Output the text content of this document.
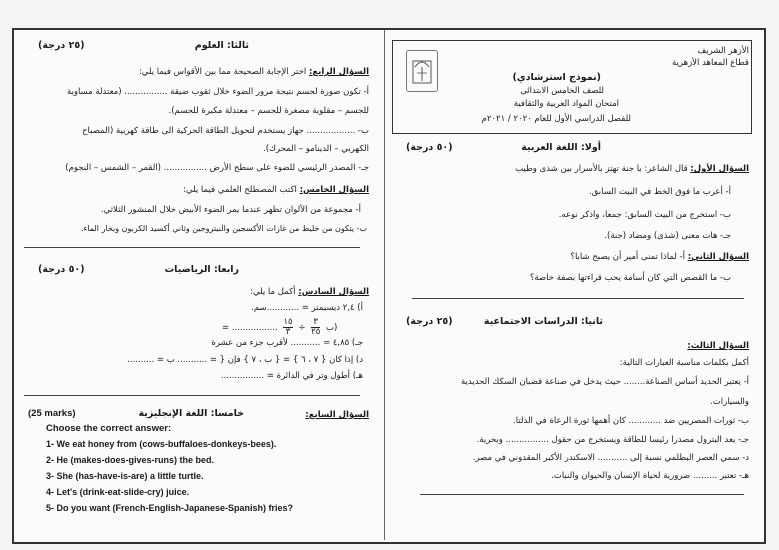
الأزهر الشريف
قطاع المعاهد الأزهرية
(نموذج استرشادي)
للصف الخامس الابتدائى
امتحان المواد العربية والثقافية
للفصل الدراسي الأول للعام ٢٠٢٠ / ٢٠٢١م
أولا: اللغة العربية
(٥٠ درجة)
السؤال الأول: قال الشاعر: يا جنة تهتز بالأسرار بين شذى وطيب
أ- أعرب ما فوق الخط في البيت السابق.
ب- استخرج من البيت السابق: جمعا، واذكر نوعه.
جـ- هات معنى (شذى) ومضاد (جنة).
السؤال الثاني: أ- لماذا تمنى أمير أن يصبح شابا؟
ب- ما القصص التي كان أسامة يحب قراءتها بصفة خاصة؟
ثانيا: الدراسات الاجتماعية
(٢٥ درجة)
السؤال الثالث:
أكمل بكلمات مناسبة العبارات التالية:
أ- يعتبر الحديد أساس الصناعة........ حيث يدخل في صناعة قضبان السكك الحديدية
والسيارات.
ب- ثورات المصريين ضد ............ كان أهمها ثورة الرعاة في الدلتا.
جـ- يعد البترول مصدرا رئيسا للطاقة ويستخرج من حقول ................ وبحرية.
د- سمي العصر البطلمي نسبة إلى ........... الاسكندر الأكبر المقدوني في مصر.
هـ- تعتبر ......... ضرورية لحياة الإنسان والحيوان والنبات.
ثالثا: العلوم
(٢٥ درجة)
السؤال الرابع: اختر الإجابة الصحيحة مما بين الأقواس فيما يلي:
أ- تكون صورة لجسم نتيجة مرور الضوء خلال ثقوب ضيقة ................ (معتدلة مساوية
للجسم – مقلوبة مصغرة للجسم – معتدلة مكبرة للجسم).
ب- .................. جهاز يستخدم لتحويل الطاقة الحركية الى طاقة كهربية (المصباح
الكهربي – الدينامو – المحرك).
جـ- المصدر الرئيسي للضوء على سطح الأرض ................ (القمر – الشمس – النجوم)
السؤال الخامس: اكتب المصطلح العلمي فيما يلي:
أ- مجموعة من الألوان تظهر عندما يمر الضوء الأبيض خلال المنشور الثلاثي.
ب- يتكون من خليط من غازات الأكسجين والنيتروجين وثاني أكسيد الكربون وبخار الماء.
رابعا: الرياضيات
(٥٠ درجة)
السؤال السادس: أكمل ما يلي:
أ) ٢,٤ ديسيمتر = ............سم.
= .................
١٥
٣ ÷
٣
٢٥ ب)
جـ) ٤,٨٥ ≃ ........... لأقرب جزء من عشرة
د) إذا كان { ٧ ، ٦ } = { ب ، ٧ } فإن { = ........... ب = ..........
هـ) أطول وتر في الدائرة = ................
خامسا: اللغة الإنجليزية
(25 marks)	السؤال السابع:
Choose the correct answer:
1- We eat honey from (cows-buffaloes-donkeys-bees).
2- He (makes-does-gives-runs) the bed.
3- She (has-have-is-are) a little turtle.
4- Let's (drink-eat-slide-cry) juice.
5- Do you want (French-English-Japanese-Spanish) fries?
